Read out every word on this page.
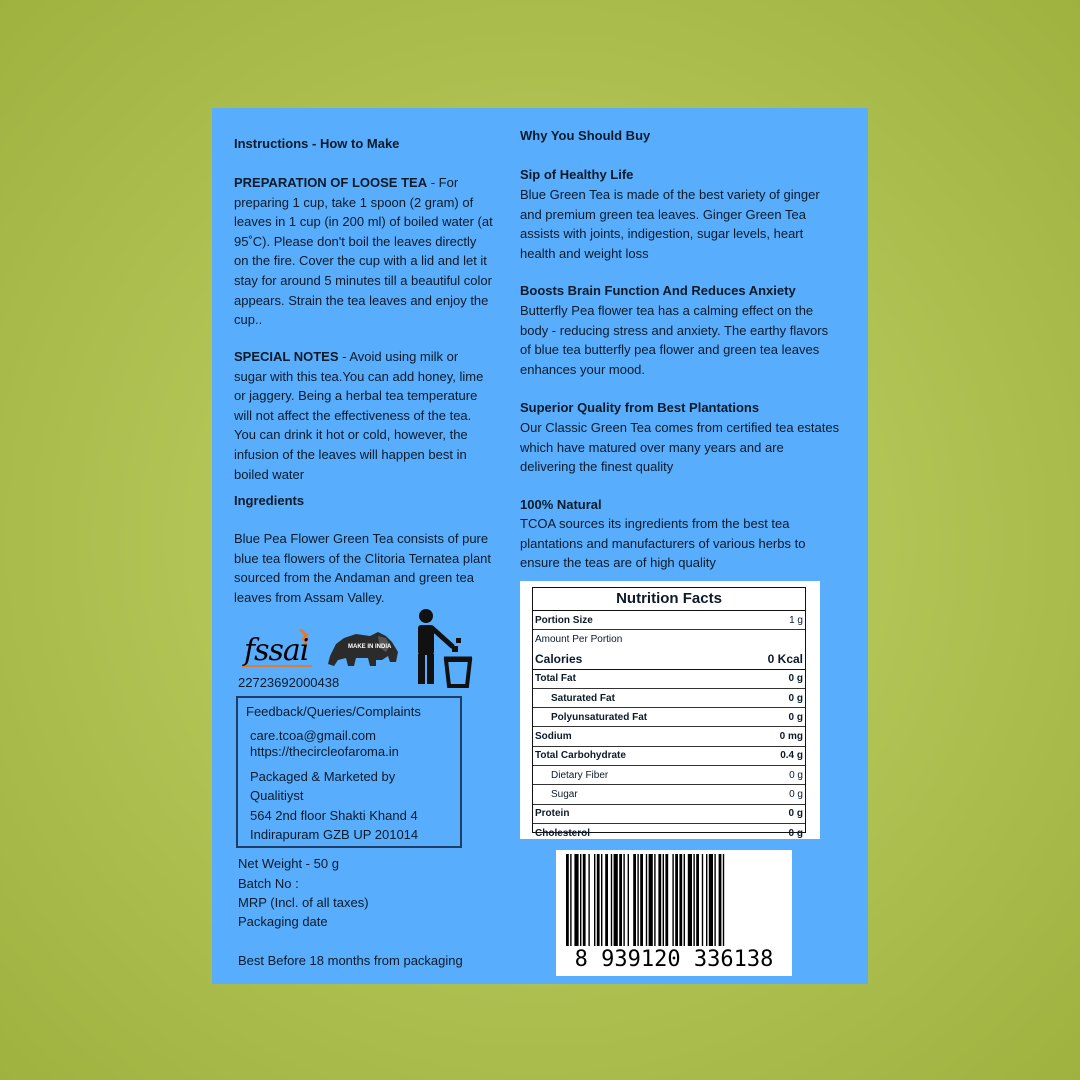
Instructions - How to Make
PREPARATION OF LOOSE TEA - For preparing 1 cup, take 1 spoon (2 gram) of leaves in 1 cup (in 200 ml) of boiled water (at 95˚C). Please don't boil the leaves directly on the fire. Cover the cup with a lid and let it stay for around 5 minutes till a beautiful color appears. Strain the tea leaves and enjoy the cup..
SPECIAL NOTES - Avoid using milk or sugar with this tea.You can add honey, lime or jaggery. Being a herbal tea temperature will not affect the effectiveness of the tea. You can drink it hot or cold, however, the infusion of the leaves will happen best in boiled water
Ingredients
Blue Pea Flower Green Tea consists of pure blue tea flowers of the Clitoria Ternatea plant sourced from the Andaman and green tea leaves from Assam Valley.
fssai	MAKE IN INDIA
22723692000438
Feedback/Queries/Complaints
care.tcoa@gmail.com
https://thecircleofaroma.in
Packaged & Marketed by
Qualitiyst
564 2nd floor Shakti Khand 4
Indirapuram GZB UP 201014
Net Weight - 50 g
Batch No :
MRP (Incl. of all taxes)
Packaging date
Best Before 18 months from packaging
Why You Should Buy
Sip of Healthy Life
Blue Green Tea is made of the best variety of ginger and premium green tea leaves. Ginger Green Tea assists with joints, indigestion, sugar levels, heart health and weight loss
Boosts Brain Function And Reduces Anxiety
Butterfly Pea flower tea has a calming effect on the body - reducing stress and anxiety. The earthy flavors of blue tea butterfly pea flower and green tea leaves enhances your mood.
Superior Quality from Best Plantations
Our Classic Green Tea comes from certified tea estates which have matured over many years and are delivering the finest quality
100% Natural
TCOA sources its ingredients from the best tea plantations and manufacturers of various herbs to ensure the teas are of high quality
Nutrition Facts
Portion Size	1 g
Amount Per Portion
Calories	0 Kcal
Total Fat	0 g
Saturated Fat	0 g
Polyunsaturated Fat	0 g
Sodium	0 mg
Total Carbohydrate	0.4 g
Dietary Fiber	0 g
Sugar	0 g
Protein	0 g
Cholesterol	0 g
8 939120 336138
